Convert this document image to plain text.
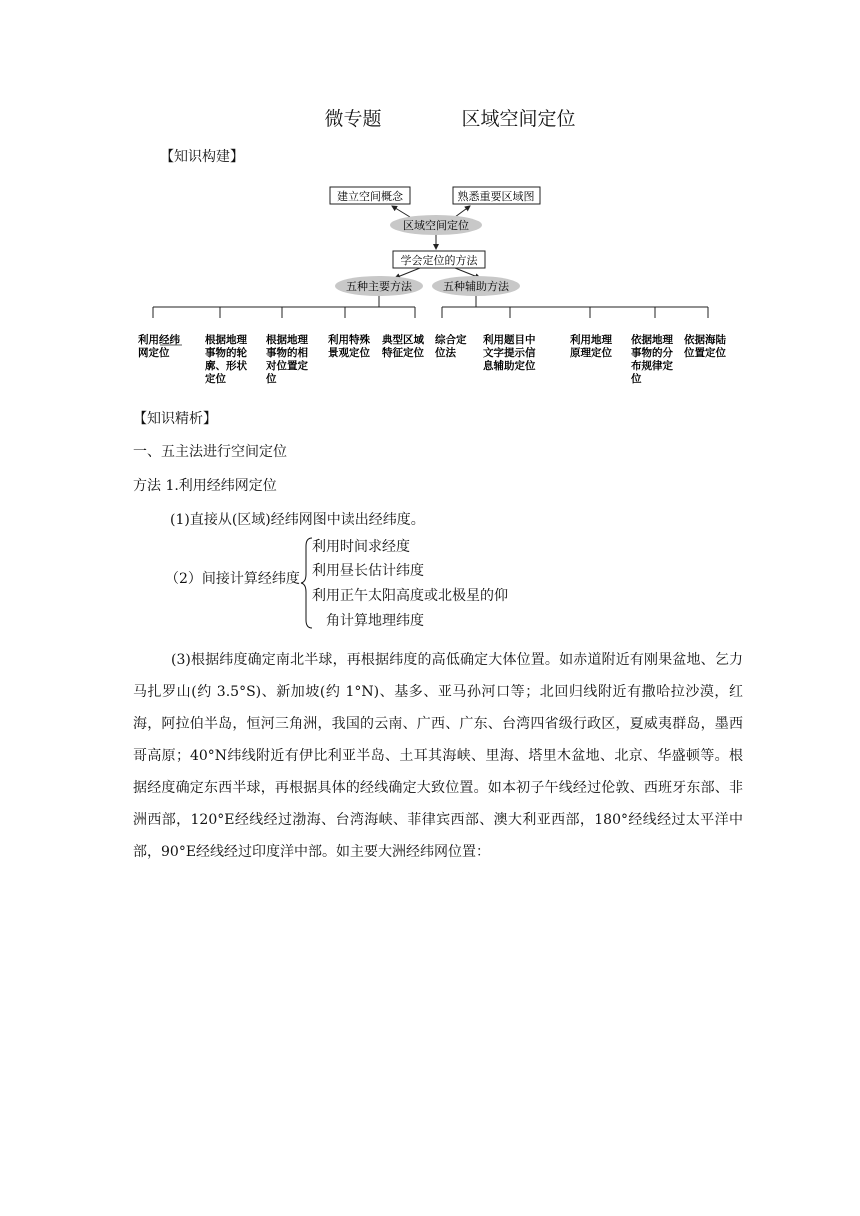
微专题	区域空间定位
【知识构建】
建立空间概念	熟悉重要区域图
区域空间定位
学会定位的方法
五种主要方法	五种辅助方法
利用经纬 网定位
根据地理 事物的轮 廓、形状 定位
根据地理 事物的相 对位置定 位
利用特殊 景观定位
典型区域 特征定位
综合定 位法
利用题目中 文字提示信 息辅助定位
利用地理 原理定位
依据地理 事物的分 布规律定 位
依据海陆 位置定位
【知识精析】
一、五主法进行空间定位
方法 1.利用经纬网定位
(1)直接从(区域)经纬网图中读出经纬度。
（2）间接计算经纬度
利用时间求经度
利用昼长估计纬度
利用正午太阳高度或北极星的仰
角计算地理纬度
(3)根据纬度确定南北半球，再根据纬度的高低确定大体位置。如赤道附近有刚果盆地、乞力马扎罗山(约 3.5°S)、新加坡(约 1°N)、基多、亚马孙河口等；北回归线附近有撒哈拉沙漠，红海，阿拉伯半岛，恒河三角洲，我国的云南、广西、广东、台湾四省级行政区，夏威夷群岛，墨西哥高原；40°N纬线附近有伊比利亚半岛、土耳其海峡、里海、塔里木盆地、北京、华盛顿等。根据经度确定东西半球，再根据具体的经线确定大致位置。如本初子午线经过伦敦、西班牙东部、非洲西部，120°E经线经过渤海、台湾海峡、菲律宾西部、澳大利亚西部，180°经线经过太平洋中部，90°E经线经过印度洋中部。如主要大洲经纬网位置：
